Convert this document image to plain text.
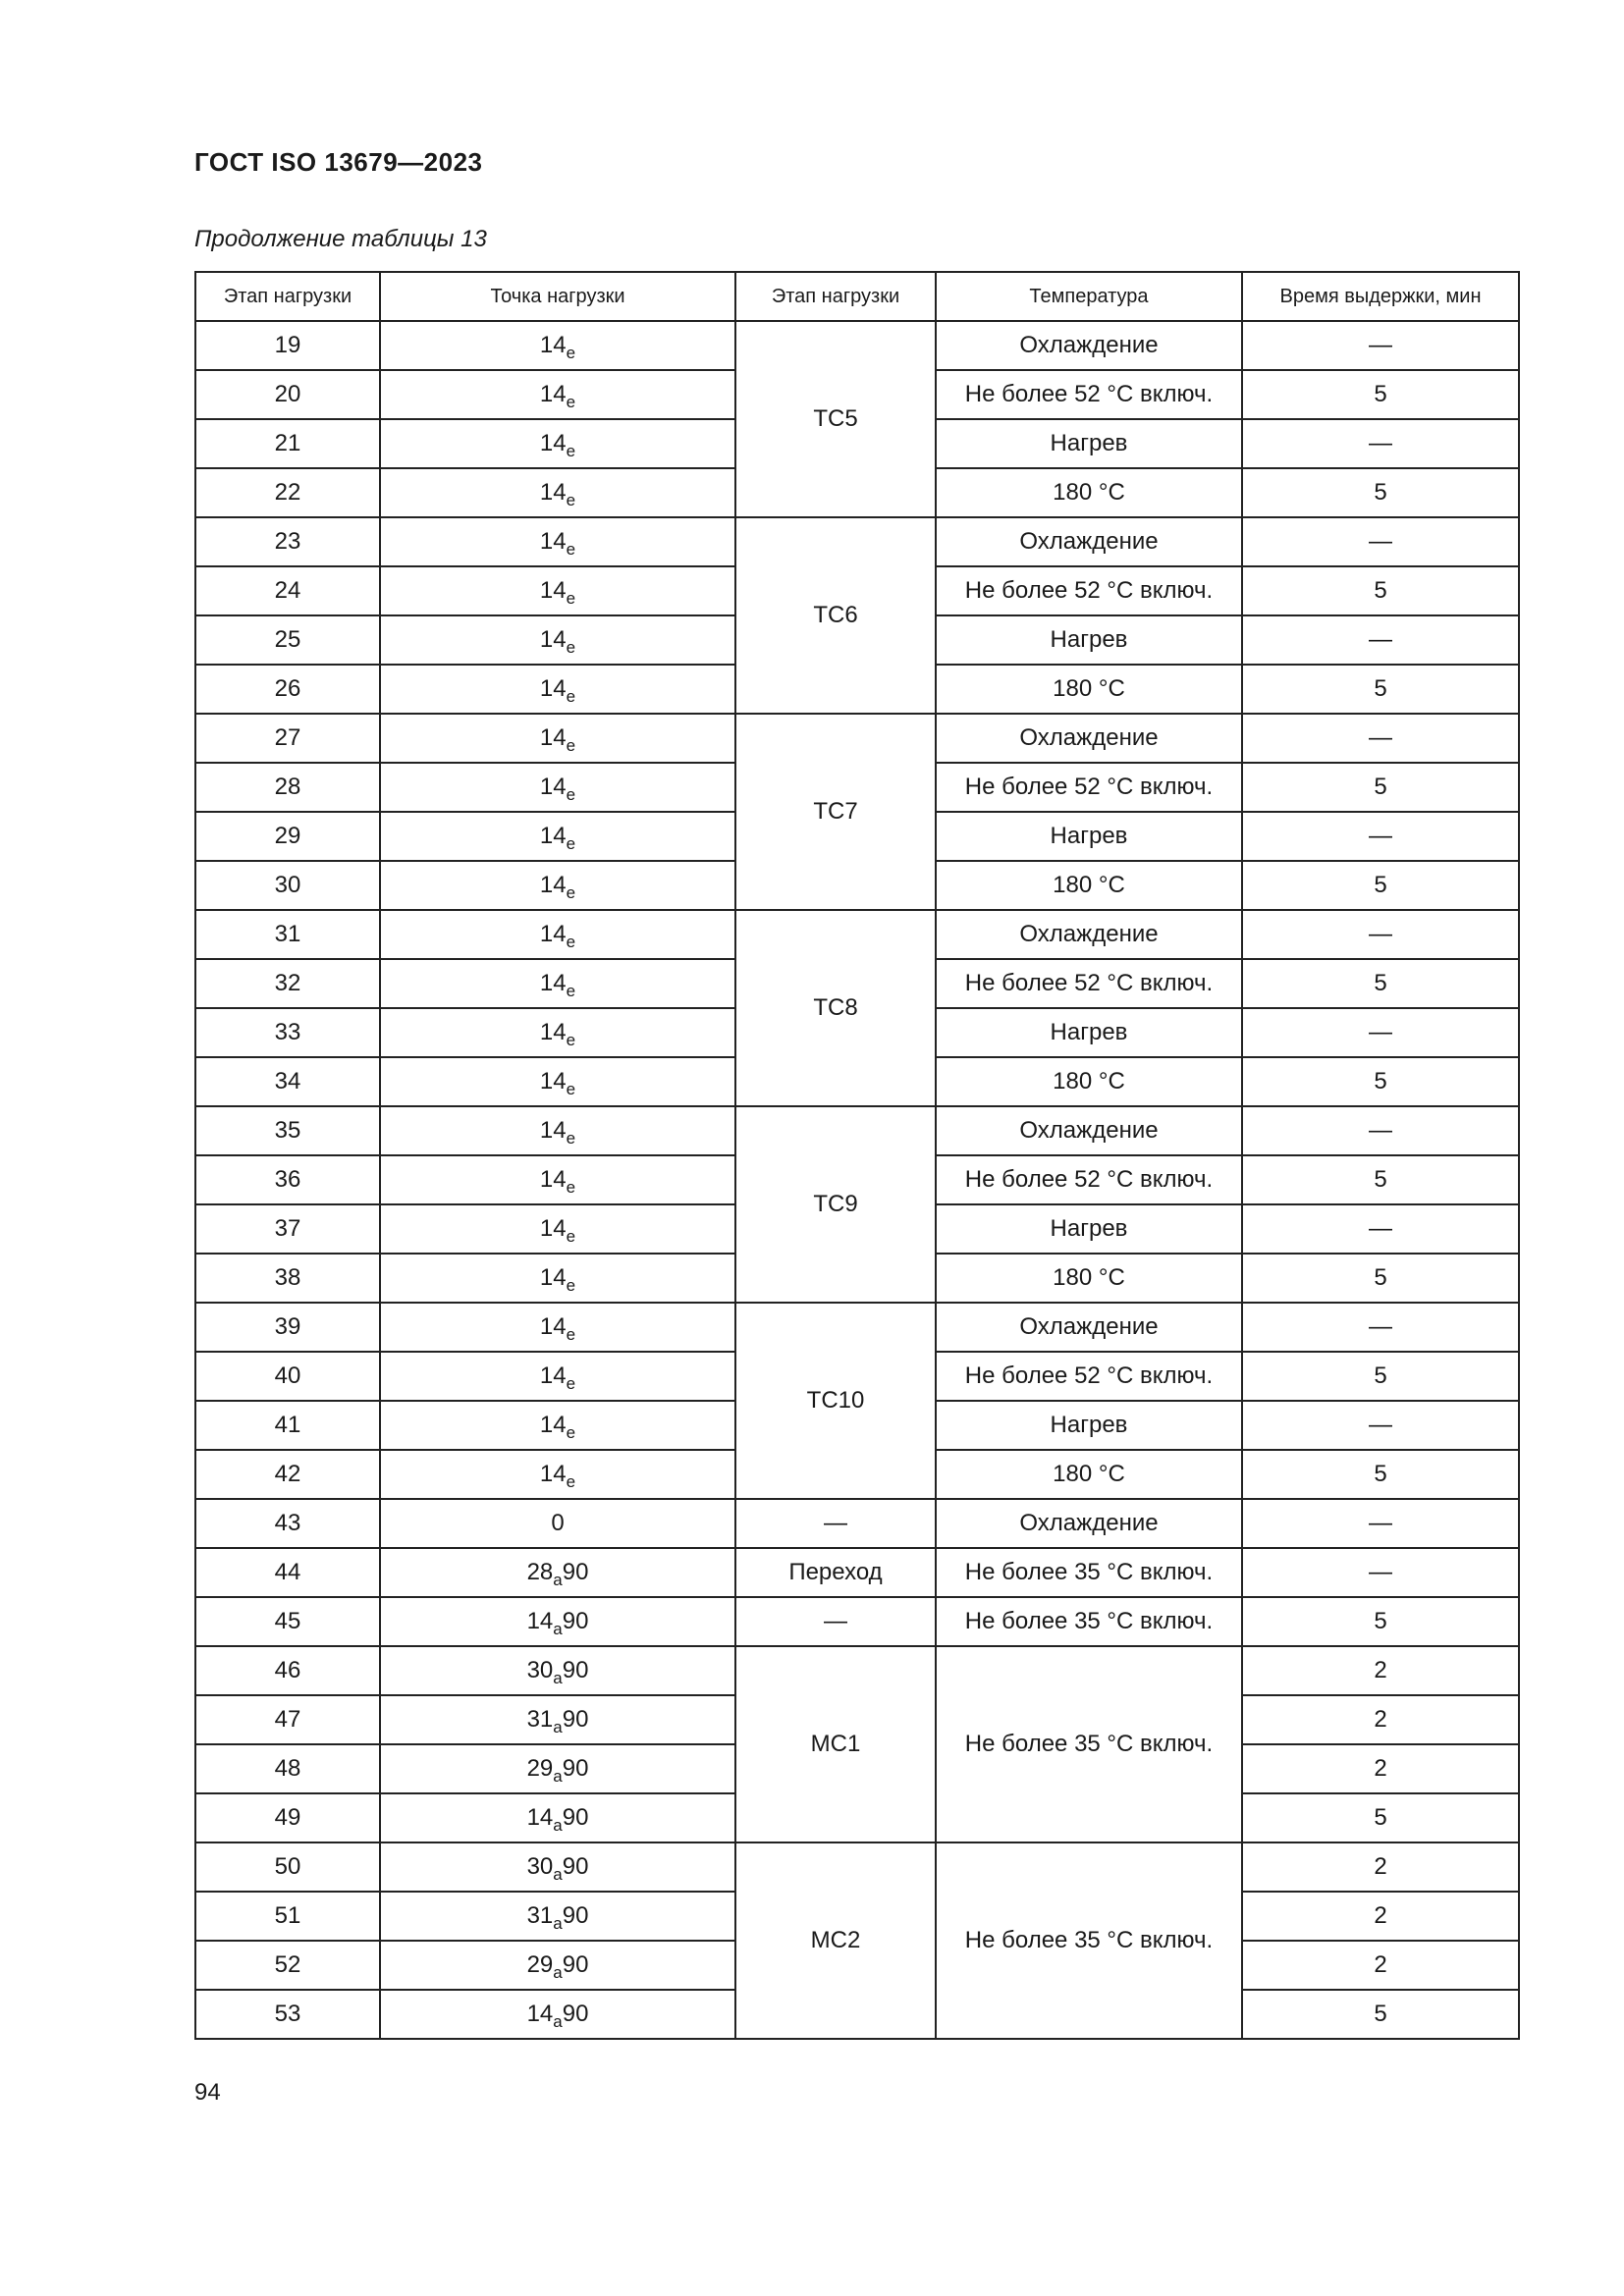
ГОСТ ISO 13679—2023
Продолжение таблицы 13
Этап нагрузки	Точка нагрузки	Этап нагрузки	Температура	Время выдержки, мин
19	$14_e$	TC5	Охлаждение	—
20	$14_e$		Не более 52 °С включ.	5
21	$14_e$		Нагрев	—
22	$14_e$		180 °С	5
23	$14_e$	TC6	Охлаждение	—
24	$14_e$		Не более 52 °С включ.	5
25	$14_e$		Нагрев	—
26	$14_e$		180 °С	5
27	$14_e$	TC7	Охлаждение	—
28	$14_e$		Не более 52 °С включ.	5
29	$14_e$		Нагрев	—
30	$14_e$		180 °С	5
31	$14_e$	TC8	Охлаждение	—
32	$14_e$		Не более 52 °С включ.	5
33	$14_e$		Нагрев	—
34	$14_e$		180 °С	5
35	$14_e$	TC9	Охлаждение	—
36	$14_e$		Не более 52 °С включ.	5
37	$14_e$		Нагрев	—
38	$14_e$		180 °С	5
39	$14_e$	TC10	Охлаждение	—
40	$14_e$		Не более 52 °С включ.	5
41	$14_e$		Нагрев	—
42	$14_e$		180 °С	5
43	0	—	Охлаждение	—
44	$28_a90$	Переход	Не более 35 °С включ.	—
45	$14_a90$	—	Не более 35 °С включ.	5
46	$30_a90$	MC1	Не более 35 °С включ.	2
47	$31_a90$			2
48	$29_a90$			2
49	$14_a90$			5
50	$30_a90$	MC2	Не более 35 °С включ.	2
51	$31_a90$			2
52	$29_a90$			2
53	$14_a90$			5
94
